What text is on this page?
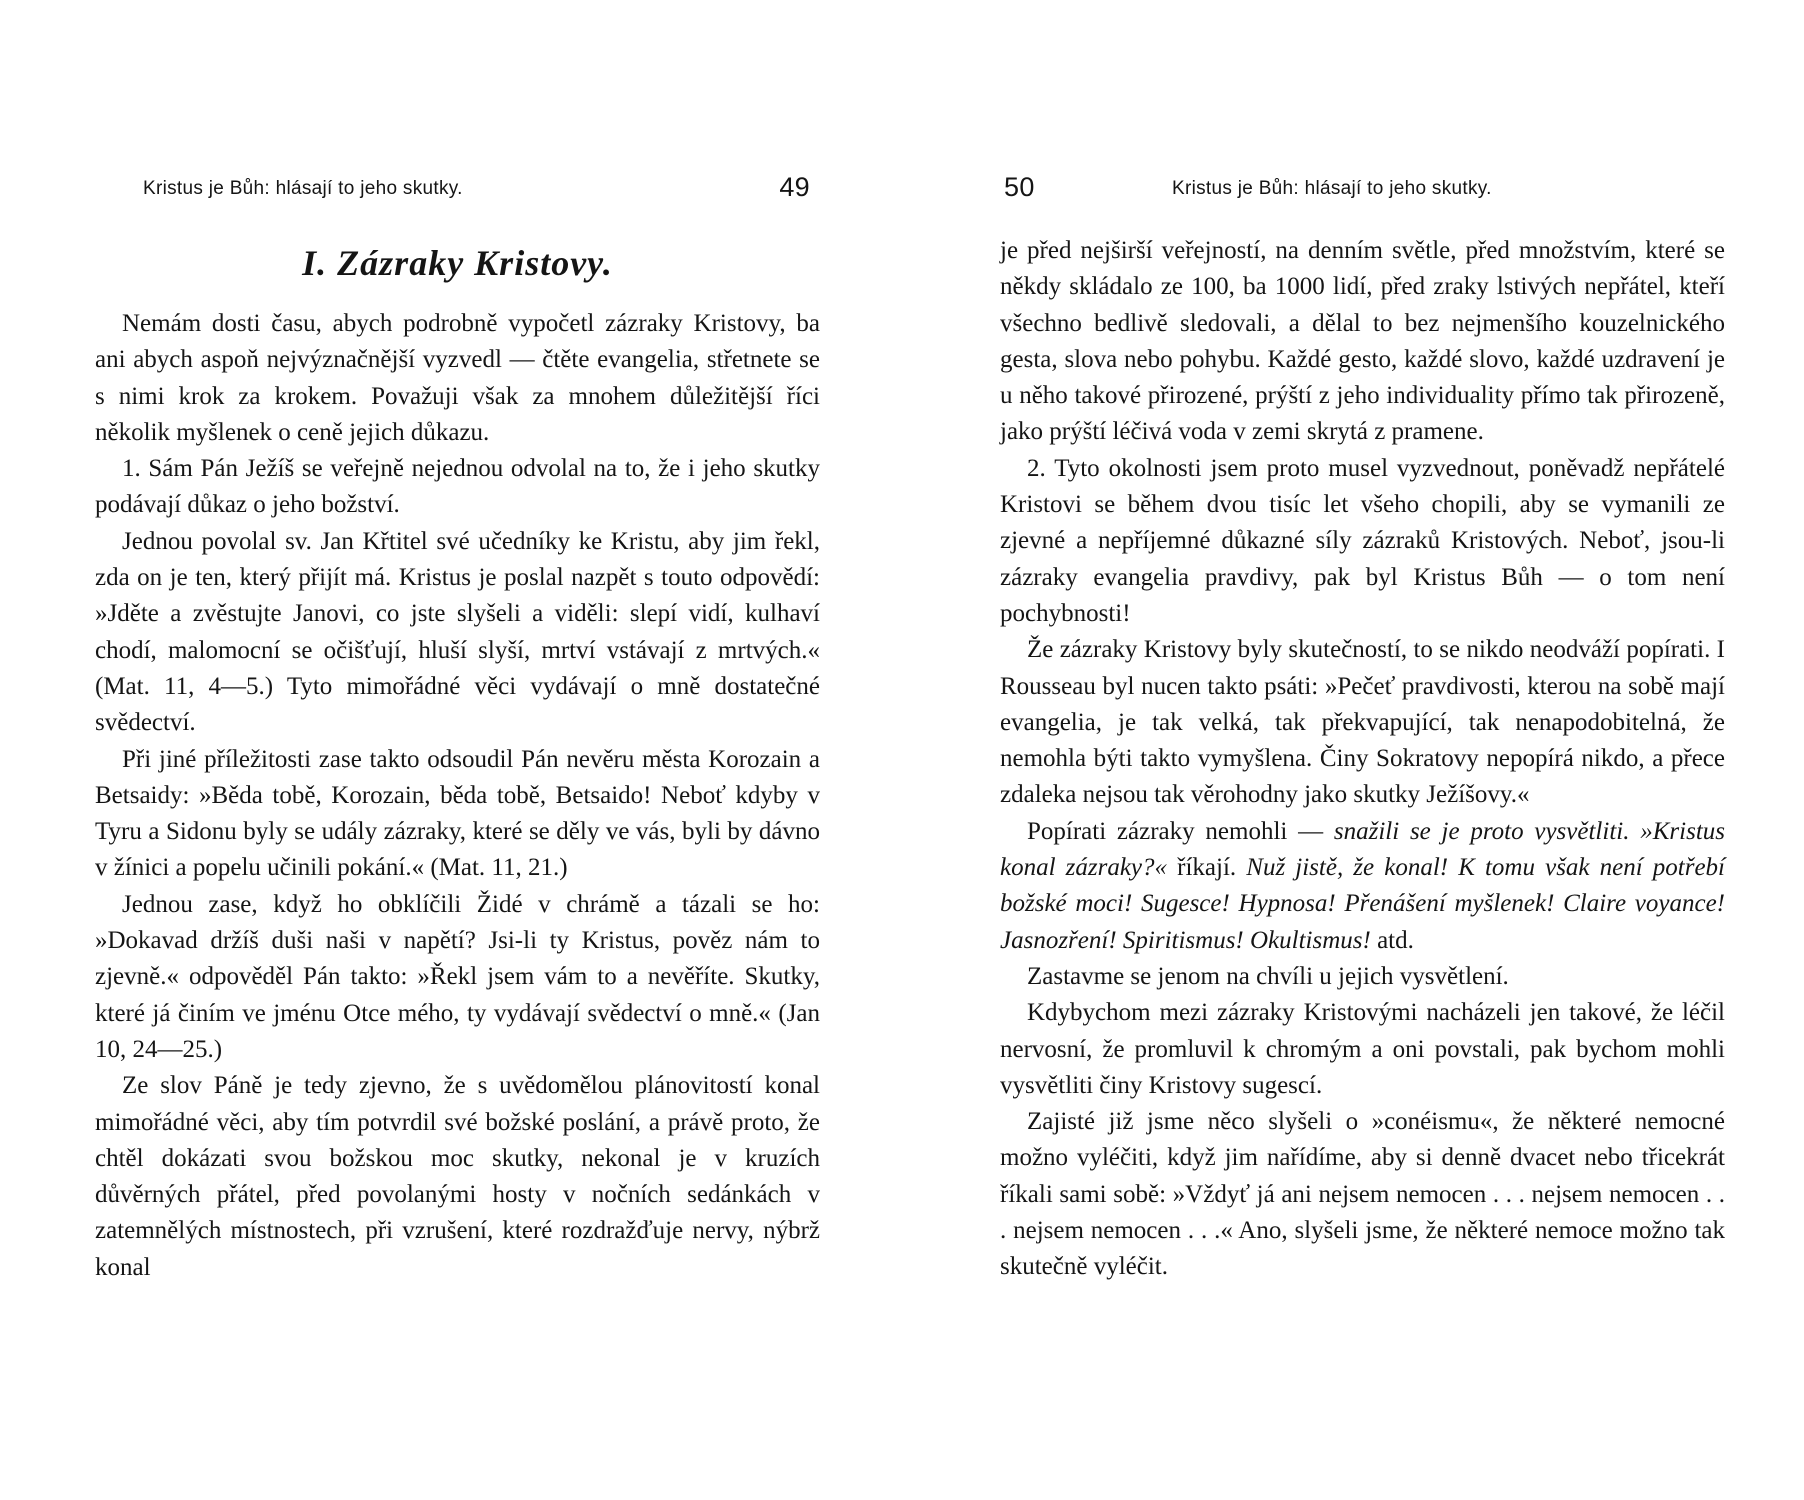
Kristus je Bůh: hlásají to jeho skutky.	49
I. Zázraky Kristovy.

Nemám dosti času, abych podrobně vypočetl zázraky Kristovy, ba ani abych aspoň nejvýznačnější vyzvedl — čtěte evangelia, střetnete se s nimi krok za krokem. Považuji však za mnohem důležitější říci několik myšlenek o ceně jejich důkazu.

1. Sám Pán Ježíš se veřejně nejednou odvolal na to, že i jeho skutky podávají důkaz o jeho božství.

Jednou povolal sv. Jan Křtitel své učedníky ke Kristu, aby jim řekl, zda on je ten, který přijít má. Kristus je poslal nazpět s touto odpovědí: »Jděte a zvěstujte Janovi, co jste slyšeli a viděli: slepí vidí, kulhaví chodí, malomocní se očišťují, hluší slyší, mrtví vstávají z mrtvých.« (Mat. 11, 4—5.) Tyto mimořádné věci vydávají o mně dostatečné svědectví.

Při jiné příležitosti zase takto odsoudil Pán nevěru města Korozain a Betsaidy: »Běda tobě, Korozain, běda tobě, Betsaido! Neboť kdyby v Tyru a Sidonu byly se udály zázraky, které se děly ve vás, byli by dávno v žínici a popelu učinili pokání.« (Mat. 11, 21.)

Jednou zase, když ho obklíčili Židé v chrámě a tázali se ho: »Dokavad držíš duši naši v napětí? Jsi-li ty Kristus, pověz nám to zjevně.« odpověděl Pán takto: »Řekl jsem vám to a nevěříte. Skutky, které já činím ve jménu Otce mého, ty vydávají svědectví o mně.« (Jan 10, 24—25.)

Ze slov Páně je tedy zjevno, že s uvědomělou plánovitostí konal mimořádné věci, aby tím potvrdil své božské poslání, a právě proto, že chtěl dokázati svou božskou moc skutky, nekonal je v kruzích důvěrných přátel, před povolanými hosty v nočních sedánkách v zatemnělých místnostech, při vzrušení, které rozdražďuje nervy, nýbrž konal

50	Kristus je Bůh: hlásají to jeho skutky.

je před nejširší veřejností, na denním světle, před množstvím, které se někdy skládalo ze 100, ba 1000 lidí, před zraky lstivých nepřátel, kteří všechno bedlivě sledovali, a dělal to bez nejmenšího kouzelnického gesta, slova nebo pohybu. Každé gesto, každé slovo, každé uzdravení je u něho takové přirozené, prýští z jeho individuality přímo tak přirozeně, jako prýští léčivá voda v zemi skrytá z pramene.

2. Tyto okolnosti jsem proto musel vyzvednout, poněvadž nepřátelé Kristovi se během dvou tisíc let všeho chopili, aby se vymanili ze zjevné a nepříjemné důkazné síly zázraků Kristových. Neboť, jsou-li zázraky evangelia pravdivy, pak byl Kristus Bůh — o tom není pochybnosti!

Že zázraky Kristovy byly skutečností, to se nikdo neodváží popírati. I Rousseau byl nucen takto psáti: »Pečeť pravdivosti, kterou na sobě mají evangelia, je tak velká, tak překvapující, tak nenapodobitelná, že nemohla býti takto vymyšlena. Činy Sokratovy nepopírá nikdo, a přece zdaleka nejsou tak věrohodny jako skutky Ježíšovy.«

Popírati zázraky nemohli — snažili se je proto vysvětliti. »Kristus konal zázraky?« říkají. Nuž jistě, že konal! K tomu však není potřebí božské moci! Sugesce! Hypnosa! Přenášení myšlenek! Claire voyance! Jasnozření! Spiritismus! Okultismus! atd.

Zastavme se jenom na chvíli u jejich vysvětlení.

Kdybychom mezi zázraky Kristovými nacházeli jen takové, že léčil nervosní, že promluvil k chromým a oni povstali, pak bychom mohli vysvětliti činy Kristovy sugescí.

Zajisté již jsme něco slyšeli o »conéismu«, že některé nemocné možno vyléčiti, když jim nařídíme, aby si denně dvacet nebo třicekrát říkali sami sobě: »Vždyť já ani nejsem nemocen . . . nejsem nemocen . . . nejsem nemocen . . .« Ano, slyšeli jsme, že některé nemoce možno tak skutečně vyléčit.
